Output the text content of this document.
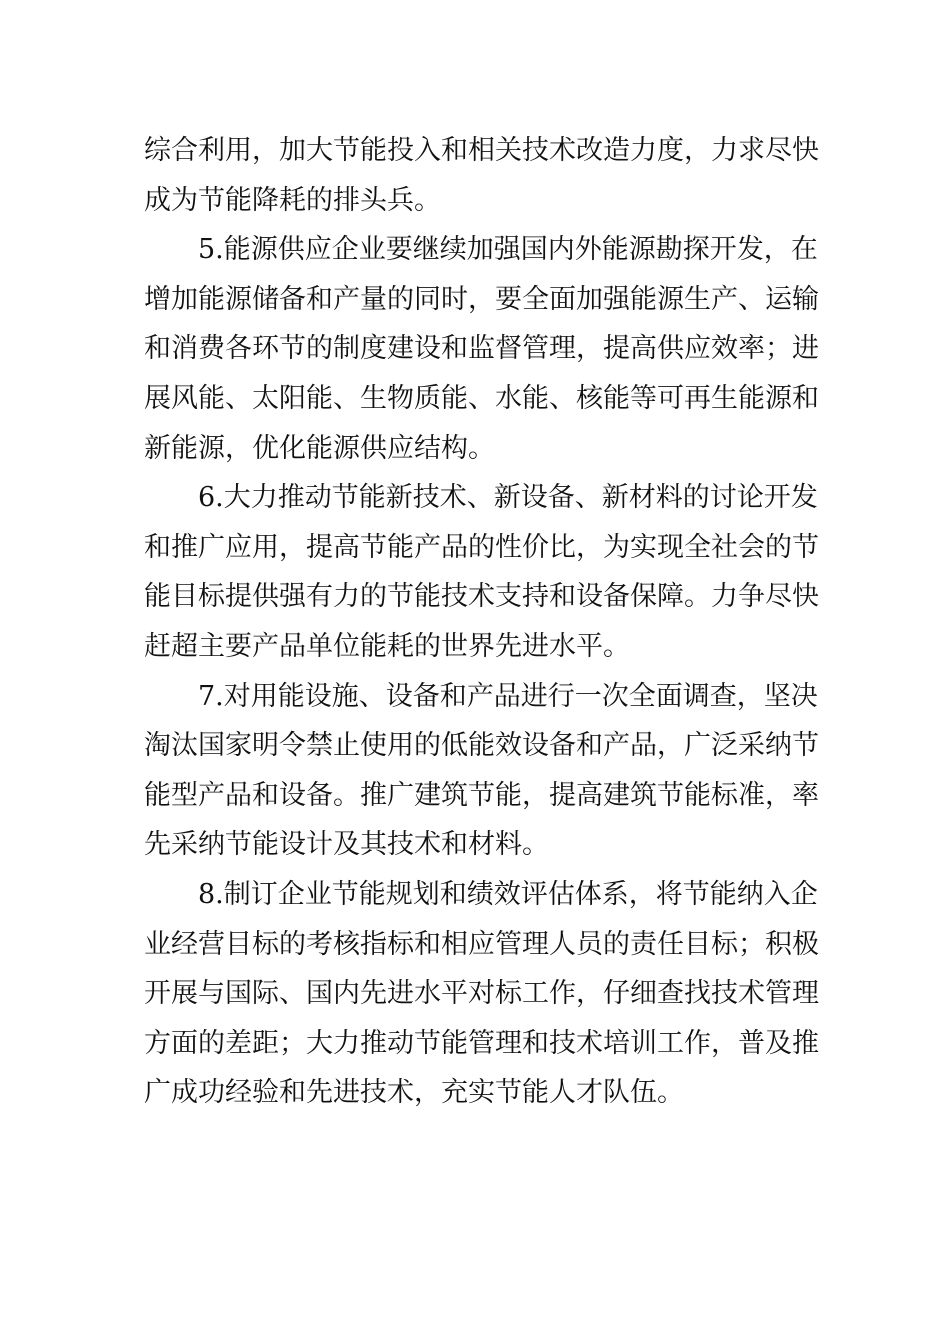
综合利用，加大节能投入和相关技术改造力度，力求尽快
成为节能降耗的排头兵。
5.能源供应企业要继续加强国内外能源勘探开发，在
增加能源储备和产量的同时，要全面加强能源生产、运输
和消费各环节的制度建设和监督管理，提高供应效率；进
展风能、太阳能、生物质能、水能、核能等可再生能源和
新能源，优化能源供应结构。
6.大力推动节能新技术、新设备、新材料的讨论开发
和推广应用，提高节能产品的性价比，为实现全社会的节
能目标提供强有力的节能技术支持和设备保障。力争尽快
赶超主要产品单位能耗的世界先进水平。
7.对用能设施、设备和产品进行一次全面调查，坚决
淘汰国家明令禁止使用的低能效设备和产品，广泛采纳节
能型产品和设备。推广建筑节能，提高建筑节能标准，率
先采纳节能设计及其技术和材料。
8.制订企业节能规划和绩效评估体系，将节能纳入企
业经营目标的考核指标和相应管理人员的责任目标；积极
开展与国际、国内先进水平对标工作，仔细查找技术管理
方面的差距；大力推动节能管理和技术培训工作，普及推
广成功经验和先进技术，充实节能人才队伍。
